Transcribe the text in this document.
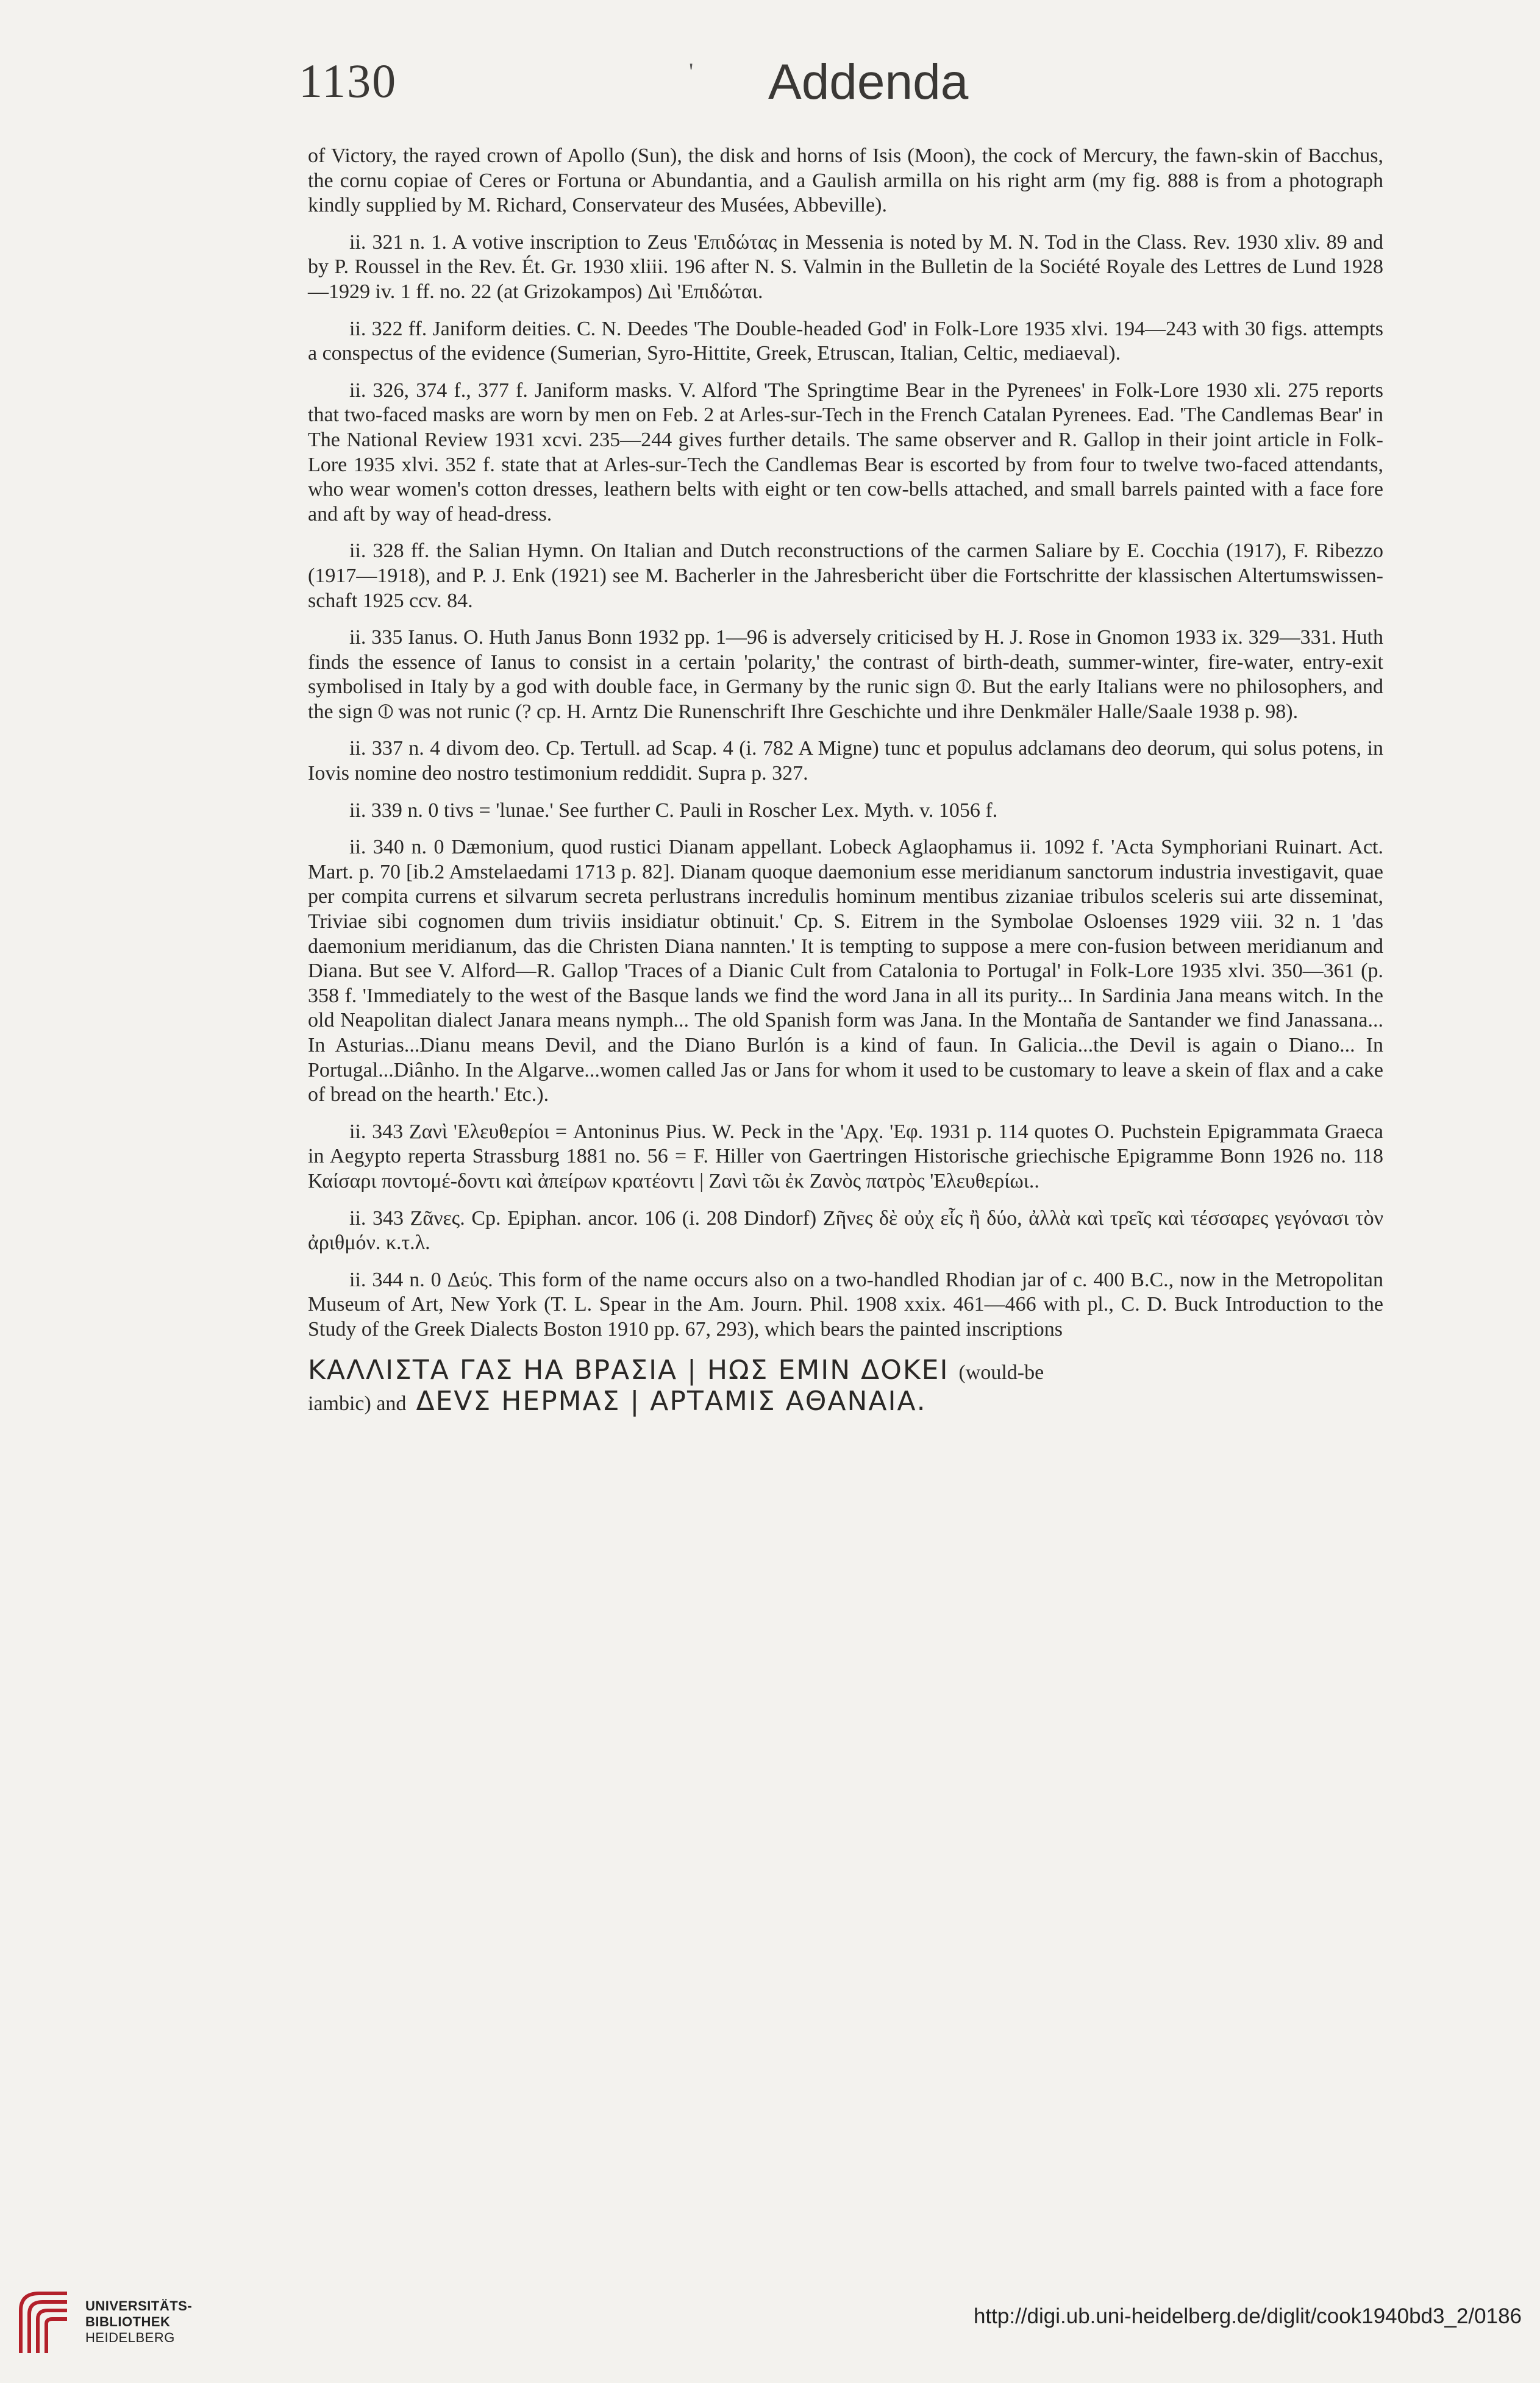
1130	' Addenda

of Victory, the rayed crown of Apollo (Sun), the disk and horns of Isis (Moon), the cock of Mercury, the fawn-skin of Bacchus, the cornu copiae of Ceres or Fortuna or Abundantia, and a Gaulish armilla on his right arm (my fig. 888 is from a photograph kindly supplied by M. Richard, Conservateur des Musées, Abbeville).

ii. 321 n. 1. A votive inscription to Zeus 'Επιδώτας in Messenia is noted by M. N. Tod in the Class. Rev. 1930 xliv. 89 and by P. Roussel in the Rev. Ét. Gr. 1930 xliii. 196 after N. S. Valmin in the Bulletin de la Société Royale des Lettres de Lund 1928—1929 iv. 1 ff. no. 22 (at Grizokampos) Διὶ 'Επιδώται.

ii. 322 ff. Janiform deities. C. N. Deedes 'The Double-headed God' in Folk-Lore 1935 xlvi. 194—243 with 30 figs. attempts a conspectus of the evidence (Sumerian, Syro-Hittite, Greek, Etruscan, Italian, Celtic, mediaeval).

ii. 326, 374 f., 377 f. Janiform masks. V. Alford 'The Springtime Bear in the Pyrenees' in Folk-Lore 1930 xli. 275 reports that two-faced masks are worn by men on Feb. 2 at Arles-sur-Tech in the French Catalan Pyrenees. Ead. 'The Candlemas Bear' in The National Review 1931 xcvi. 235—244 gives further details. The same observer and R. Gallop in their joint article in Folk-Lore 1935 xlvi. 352 f. state that at Arles-sur-Tech the Candlemas Bear is escorted by from four to twelve two-faced attendants, who wear women's cotton dresses, leathern belts with eight or ten cow-bells attached, and small barrels painted with a face fore and aft by way of head-dress.

ii. 328 ff. the Salian Hymn. On Italian and Dutch reconstructions of the carmen Saliare by E. Cocchia (1917), F. Ribezzo (1917—1918), and P. J. Enk (1921) see M. Bacherler in the Jahresbericht über die Fortschritte der klassischen Altertumswissen-schaft 1925 ccv. 84.

ii. 335 Ianus. O. Huth Janus Bonn 1932 pp. 1—96 is adversely criticised by H. J. Rose in Gnomon 1933 ix. 329—331. Huth finds the essence of Ianus to consist in a certain 'polarity,' the contrast of birth-death, summer-winter, fire-water, entry-exit symbolised in Italy by a god with double face, in Germany by the runic sign ⦶. But the early Italians were no philosophers, and the sign ⦶ was not runic (? cp. H. Arntz Die Runenschrift Ihre Geschichte und ihre Denkmäler Halle/Saale 1938 p. 98).

ii. 337 n. 4 divom deo. Cp. Tertull. ad Scap. 4 (i. 782 A Migne) tunc et populus adclamans deo deorum, qui solus potens, in Iovis nomine deo nostro testimonium reddidit. Supra p. 327.

ii. 339 n. 0 tivs = 'lunae.' See further C. Pauli in Roscher Lex. Myth. v. 1056 f.

ii. 340 n. 0 Dæmonium, quod rustici Dianam appellant. Lobeck Aglaophamus ii. 1092 f. 'Acta Symphoriani Ruinart. Act. Mart. p. 70 [ib.2 Amstelaedami 1713 p. 82]. Dianam quoque daemonium esse meridianum sanctorum industria investigavit, quae per compita currens et silvarum secreta perlustrans incredulis hominum mentibus zizaniae tribulos sceleris sui arte disseminat, Triviae sibi cognomen dum triviis insidiatur obtinuit.' Cp. S. Eitrem in the Symbolae Osloenses 1929 viii. 32 n. 1 'das daemonium meridianum, das die Christen Diana nannten.' It is tempting to suppose a mere con-fusion between meridianum and Diana. But see V. Alford—R. Gallop 'Traces of a Dianic Cult from Catalonia to Portugal' in Folk-Lore 1935 xlvi. 350—361 (p. 358 f. 'Immediately to the west of the Basque lands we find the word Jana in all its purity... In Sardinia Jana means witch. In the old Neapolitan dialect Janara means nymph... The old Spanish form was Jana. In the Montaña de Santander we find Janassana... In Asturias...Dianu means Devil, and the Diano Burlón is a kind of faun. In Galicia...the Devil is again o Diano... In Portugal...Diânho. In the Algarve...women called Jas or Jans for whom it used to be customary to leave a skein of flax and a cake of bread on the hearth.' Etc.).

ii. 343 Ζανὶ 'Ελευθερίοι = Antoninus Pius. W. Peck in the 'Αρχ. 'Εφ. 1931 p. 114 quotes O. Puchstein Epigrammata Graeca in Aegypto reperta Strassburg 1881 no. 56 = F. Hiller von Gaertringen Historische griechische Epigramme Bonn 1926 no. 118 Καίσαρι ποντομέ-δοντι καὶ ἀπείρων κρατέοντι | Ζανὶ τῶι ἐκ Ζανὸς πατρὸς 'Ελευθερίωι..

ii. 343 Ζᾶνες. Cp. Epiphan. ancor. 106 (i. 208 Dindorf) Ζῆνες δὲ οὐχ εἷς ἢ δύο, ἀλλὰ καὶ τρεῖς καὶ τέσσαρες γεγόνασι τὸν ἀριθμόν. κ.τ.λ.

ii. 344 n. 0 Δεύς. This form of the name occurs also on a two-handled Rhodian jar of c. 400 B.C., now in the Metropolitan Museum of Art, New York (T. L. Spear in the Am. Journ. Phil. 1908 xxix. 461—466 with pl., C. D. Buck Introduction to the Study of the Greek Dialects Boston 1910 pp. 67, 293), which bears the painted inscriptions

ΚΑΛΛΙΣΤΑ ΓΑΣ ΗΑ ΒΡΑΣΙΑ | ΗΩΣ ΕΜΙΝ ΔΟΚΕΙ (would-be
iambic) and ΔΕVΣ ΗΕΡΜΑΣ | ΑΡΤΑΜΙΣ ΑΘΑΝΑΙΑ.
UNIVERSITÄTS-
BIBLIOTHEK
HEIDELBERG
http://digi.ub.uni-heidelberg.de/diglit/cook1940bd3_2/0186
